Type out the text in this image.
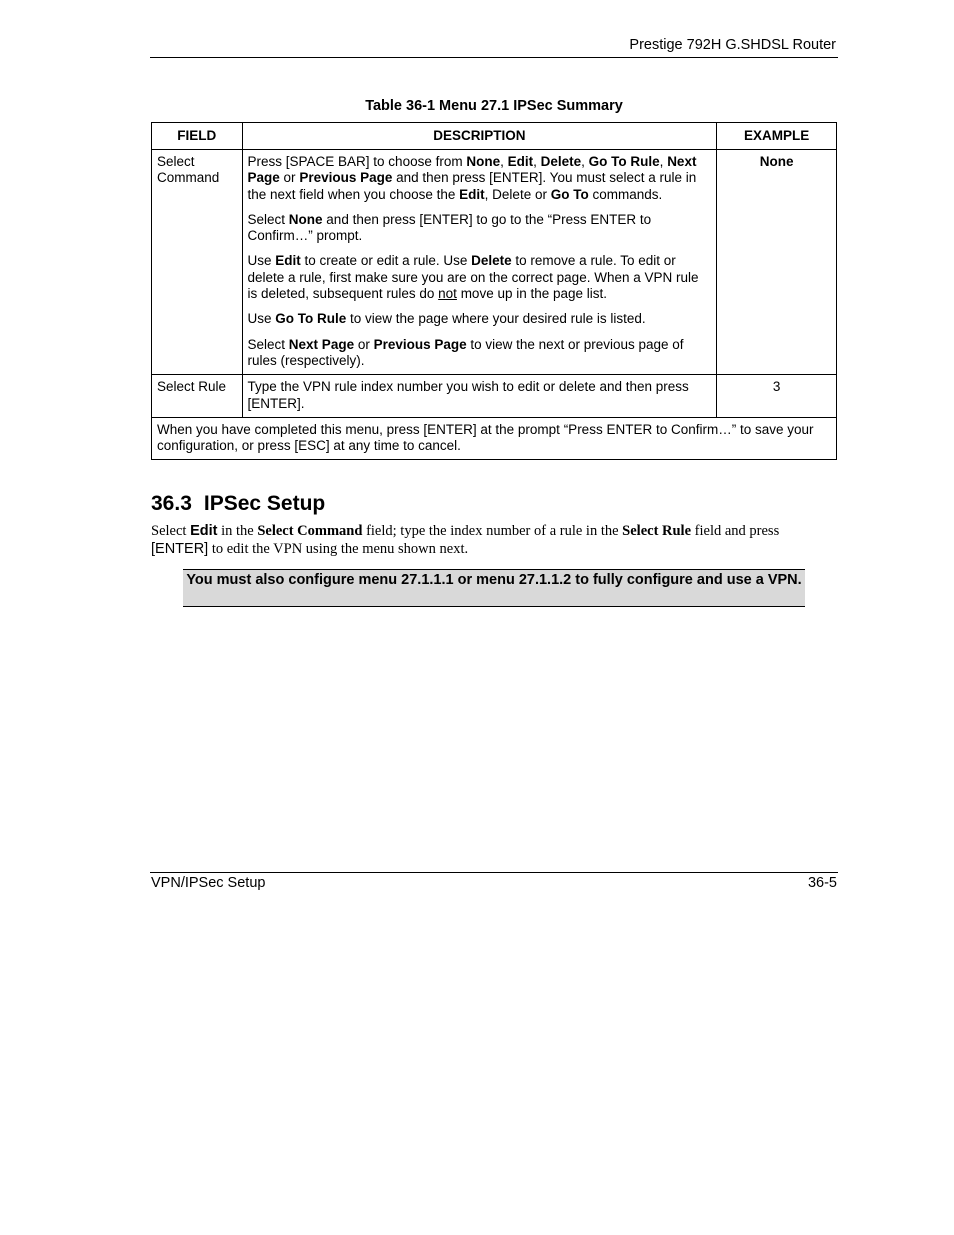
Prestige 792H G.SHDSL Router
Table 36-1 Menu 27.1 IPSec Summary
FIELD	DESCRIPTION	EXAMPLE
Select Command	Press [SPACE BAR] to choose from None, Edit, Delete, Go To Rule, Next Page or Previous Page and then press [ENTER]. You must select a rule in the next field when you choose the Edit, Delete or Go To commands.

Select None and then press [ENTER] to go to the “Press ENTER to Confirm…” prompt.

Use Edit to create or edit a rule. Use Delete to remove a rule. To edit or delete a rule, first make sure you are on the correct page. When a VPN rule is deleted, subsequent rules do not move up in the page list.

Use Go To Rule to view the page where your desired rule is listed.

Select Next Page or Previous Page to view the next or previous page of rules (respectively).	None
Select Rule	Type the VPN rule index number you wish to edit or delete and then press [ENTER].	3
When you have completed this menu, press [ENTER] at the prompt “Press ENTER to Confirm…” to save your configuration, or press [ESC] at any time to cancel.		
36.3 IPSec Setup
Select Edit in the Select Command field; type the index number of a rule in the Select Rule field and press [ENTER] to edit the VPN using the menu shown next.
You must also configure menu 27.1.1.1 or menu 27.1.1.2 to fully configure and use a VPN.
VPN/IPSec Setup	36-5
